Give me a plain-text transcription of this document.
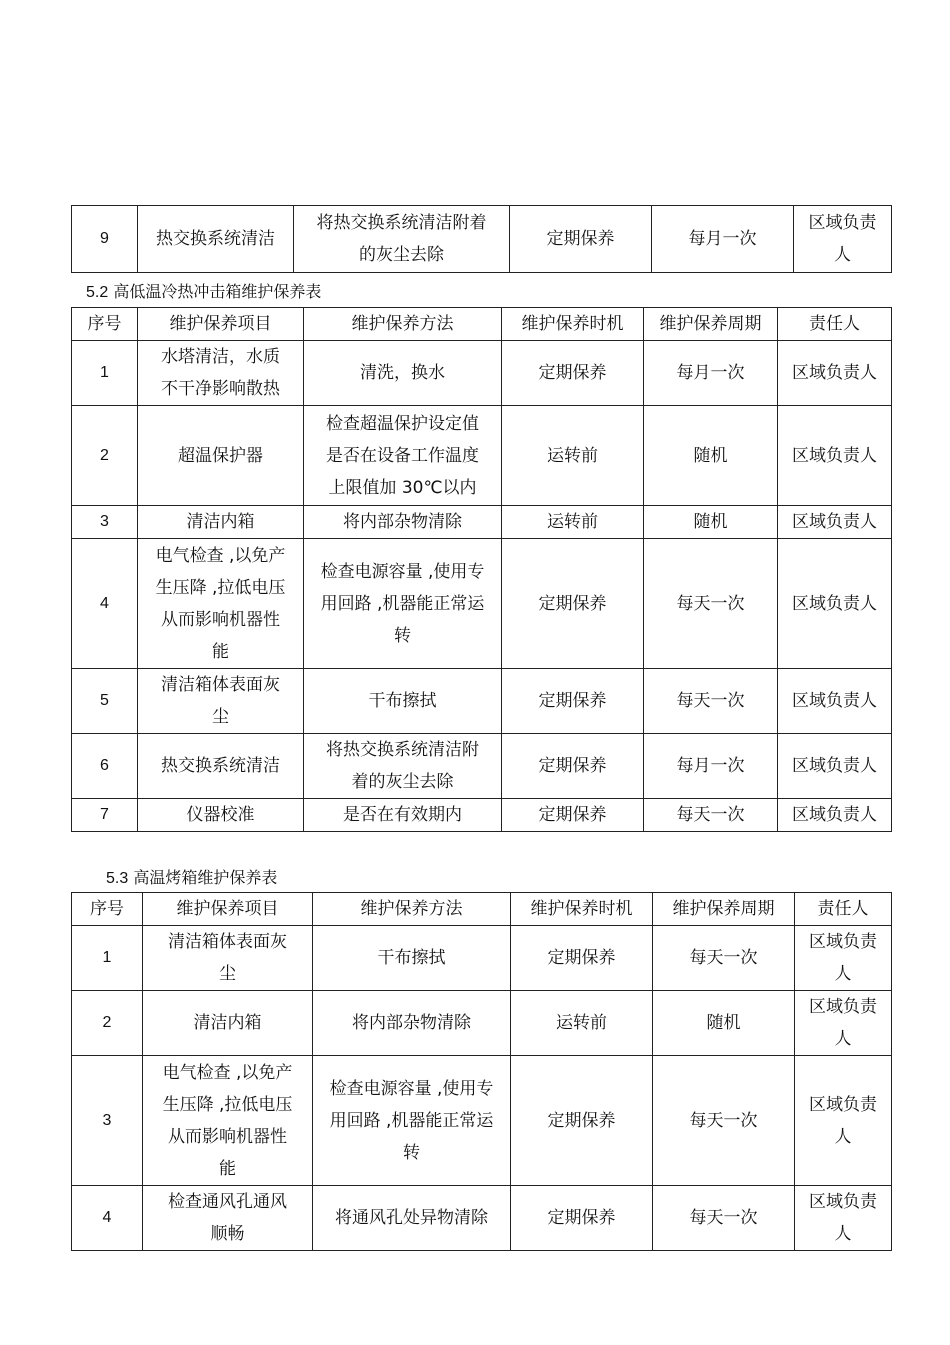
9	热交换系统清洁	将热交换系统清洁附着
的灰尘去除	定期保养	每月一次	区域负责
人
5.2 高低温冷热冲击箱维护保养表
序号	维护保养项目	维护保养方法	维护保养时机	维护保养周期	责任人
1	水塔清洁，水质
不干净影响散热	清洗，换水	定期保养	每月一次	区域负责人
2	超温保护器	检查超温保护设定值
是否在设备工作温度
上限值加 30℃以内	运转前	随机	区域负责人
3	清洁内箱	将内部杂物清除	运转前	随机	区域负责人
4	电气检查 ,以免产
生压降 ,拉低电压
从而影响机器性
能	检查电源容量 ,使用专
用回路 ,机器能正常运
转	定期保养	每天一次	区域负责人
5	清洁箱体表面灰
尘	干布擦拭	定期保养	每天一次	区域负责人
6	热交换系统清洁	将热交换系统清洁附
着的灰尘去除	定期保养	每月一次	区域负责人
7	仪器校准	是否在有效期内	定期保养	每天一次	区域负责人
5.3 高温烤箱维护保养表
序号	维护保养项目	维护保养方法	维护保养时机	维护保养周期	责任人
1	清洁箱体表面灰
尘	干布擦拭	定期保养	每天一次	区域负责
人
2	清洁内箱	将内部杂物清除	运转前	随机	区域负责
人
3	电气检查 ,以免产
生压降 ,拉低电压
从而影响机器性
能	检查电源容量 ,使用专
用回路 ,机器能正常运
转	定期保养	每天一次	区域负责
人
4	检查通风孔通风
顺畅	将通风孔处异物清除	定期保养	每天一次	区域负责
人
